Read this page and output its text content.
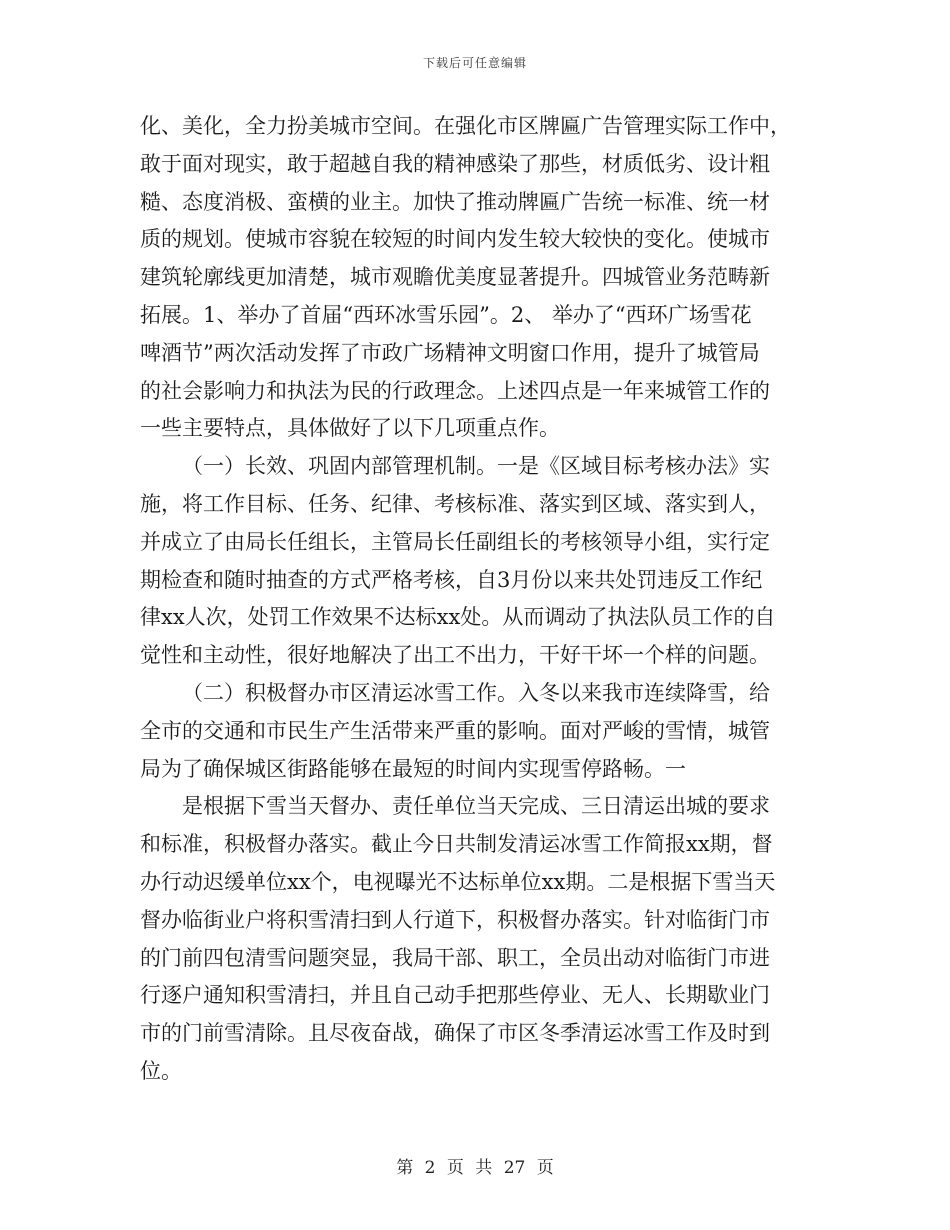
下载后可任意编辑
化、美化，全力扮美城市空间。在强化市区牌匾广告管理实际工作中，
敢于面对现实，敢于超越自我的精神感染了那些，材质低劣、设计粗
糙、态度消极、蛮横的业主。加快了推动牌匾广告统一标准、统一材
质的规划。使城市容貌在较短的时间内发生较大较快的变化。使城市
建筑轮廓线更加清楚，城市观瞻优美度显著提升。四城管业务范畴新
拓展。1、举办了首届“西环冰雪乐园”。2、 举办了“西环广场雪花
啤酒节”两次活动发挥了市政广场精神文明窗口作用，提升了城管局
的社会影响力和执法为民的行政理念。上述四点是一年来城管工作的
一些主要特点，具体做好了以下几项重点作。
（一）长效、巩固内部管理机制。一是《区域目标考核办法》实
施，将工作目标、任务、纪律、考核标准、落实到区域、落实到人，
并成立了由局长任组长，主管局长任副组长的考核领导小组，实行定
期检查和随时抽查的方式严格考核，自3月份以来共处罚违反工作纪
律xx人次，处罚工作效果不达标xx处。从而调动了执法队员工作的自
觉性和主动性，很好地解决了出工不出力，干好干坏一个样的问题。
（二）积极督办市区清运冰雪工作。入冬以来我市连续降雪，给
全市的交通和市民生产生活带来严重的影响。面对严峻的雪情，城管
局为了确保城区街路能够在最短的时间内实现雪停路畅。一
是根据下雪当天督办、责任单位当天完成、三日清运出城的要求
和标准，积极督办落实。截止今日共制发清运冰雪工作简报xx期，督
办行动迟缓单位xx个，电视曝光不达标单位xx期。二是根据下雪当天
督办临街业户将积雪清扫到人行道下，积极督办落实。针对临街门市
的门前四包清雪问题突显，我局干部、职工，全员出动对临街门市进
行逐户通知积雪清扫，并且自己动手把那些停业、无人、长期歇业门
市的门前雪清除。且尽夜奋战，确保了市区冬季清运冰雪工作及时到
位。
第 2 页 共 27 页
